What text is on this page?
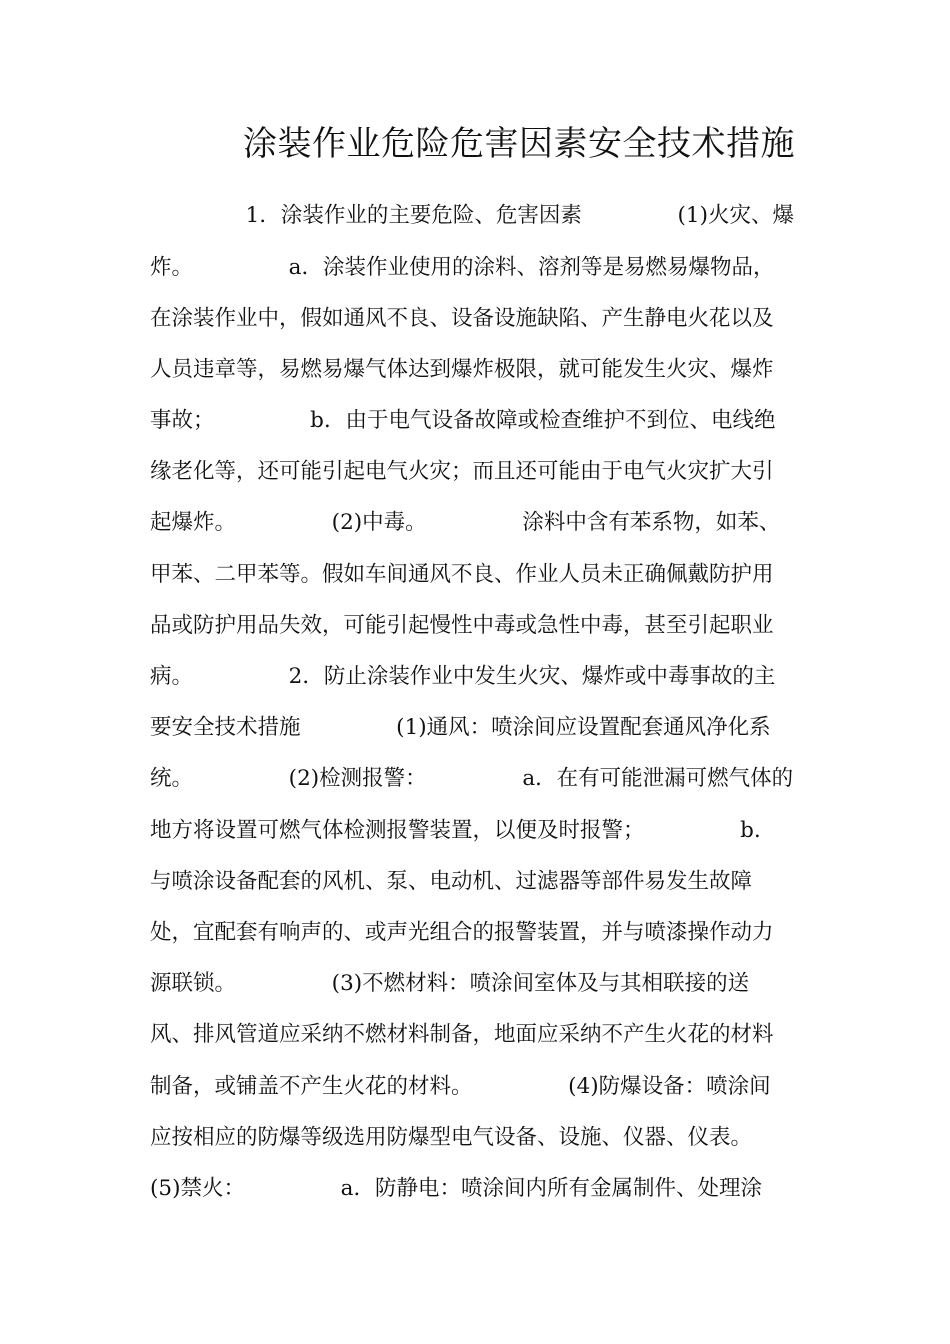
涂装作业危险危害因素安全技术措施
1．涂装作业的主要危险、危害因素              (1)火灾、爆
炸。              a．涂装作业使用的涂料、溶剂等是易燃易爆物品，
在涂装作业中，假如通风不良、设备设施缺陷、产生静电火花以及
人员违章等，易燃易爆气体达到爆炸极限，就可能发生火灾、爆炸
事故；              b．由于电气设备故障或检查维护不到位、电线绝
缘老化等，还可能引起电气火灾；而且还可能由于电气火灾扩大引
起爆炸。              (2)中毒。              涂料中含有苯系物，如苯、
甲苯、二甲苯等。假如车间通风不良、作业人员未正确佩戴防护用
品或防护用品失效，可能引起慢性中毒或急性中毒，甚至引起职业
病。              2．防止涂装作业中发生火灾、爆炸或中毒事故的主
要安全技术措施              (1)通风：喷涂间应设置配套通风净化系
统。              (2)检测报警：              a．在有可能泄漏可燃气体的
地方将设置可燃气体检测报警装置，以便及时报警；              b．
与喷涂设备配套的风机、泵、电动机、过滤器等部件易发生故障
处，宜配套有响声的、或声光组合的报警装置，并与喷漆操作动力
源联锁。              (3)不燃材料：喷涂间室体及与其相联接的送
风、排风管道应采纳不燃材料制备，地面应采纳不产生火花的材料
制备，或铺盖不产生火花的材料。              (4)防爆设备：喷涂间
应按相应的防爆等级选用防爆型电气设备、设施、仪器、仪表。
(5)禁火：              a．防静电：喷涂间内所有金属制件、处理涂
